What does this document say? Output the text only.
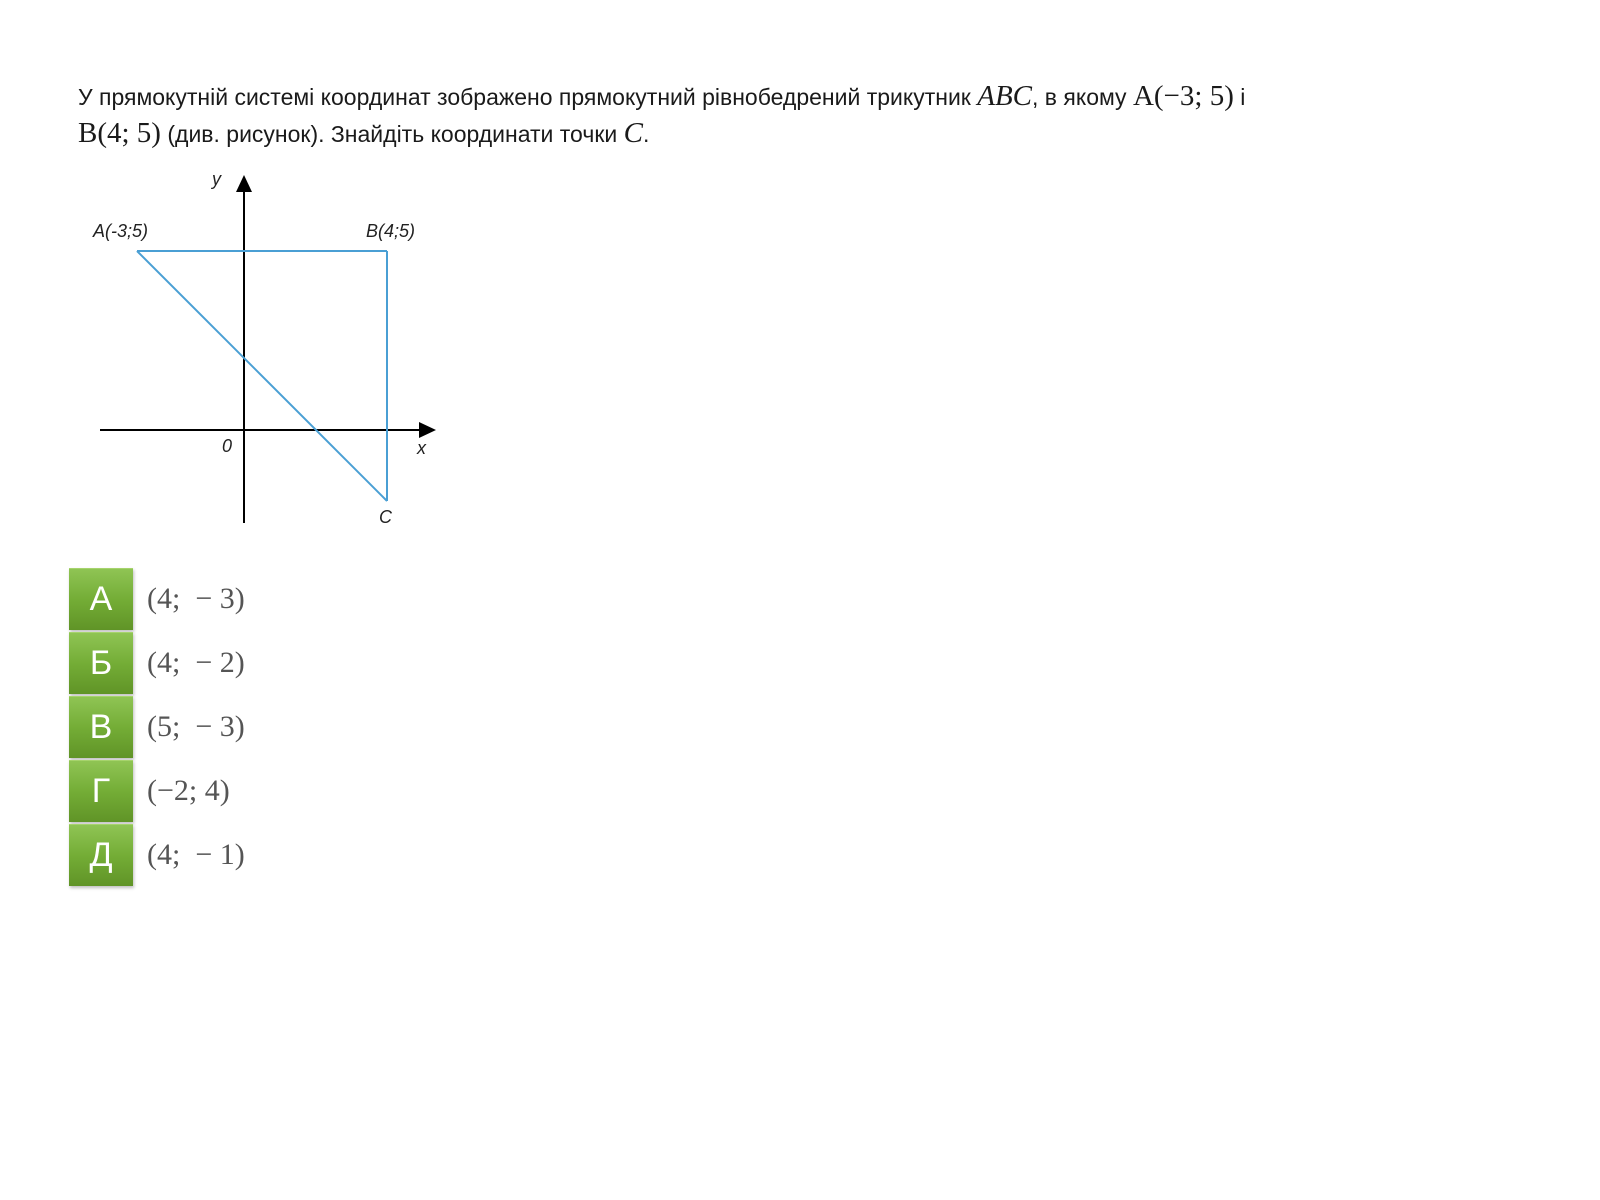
У прямокутній системі координат зображено прямокутний рівнобедрений трикутник ABC, в якому A(−3; 5) і
B(4; 5) (див. рисунок). Знайдіть координати точки C.
y
x
0
A(-3;5)	B(4;5)
C
А	(4;  − 3)
Б	(4;  − 2)
В	(5;  − 3)
Г	(−2; 4)
Д	(4;  − 1)
